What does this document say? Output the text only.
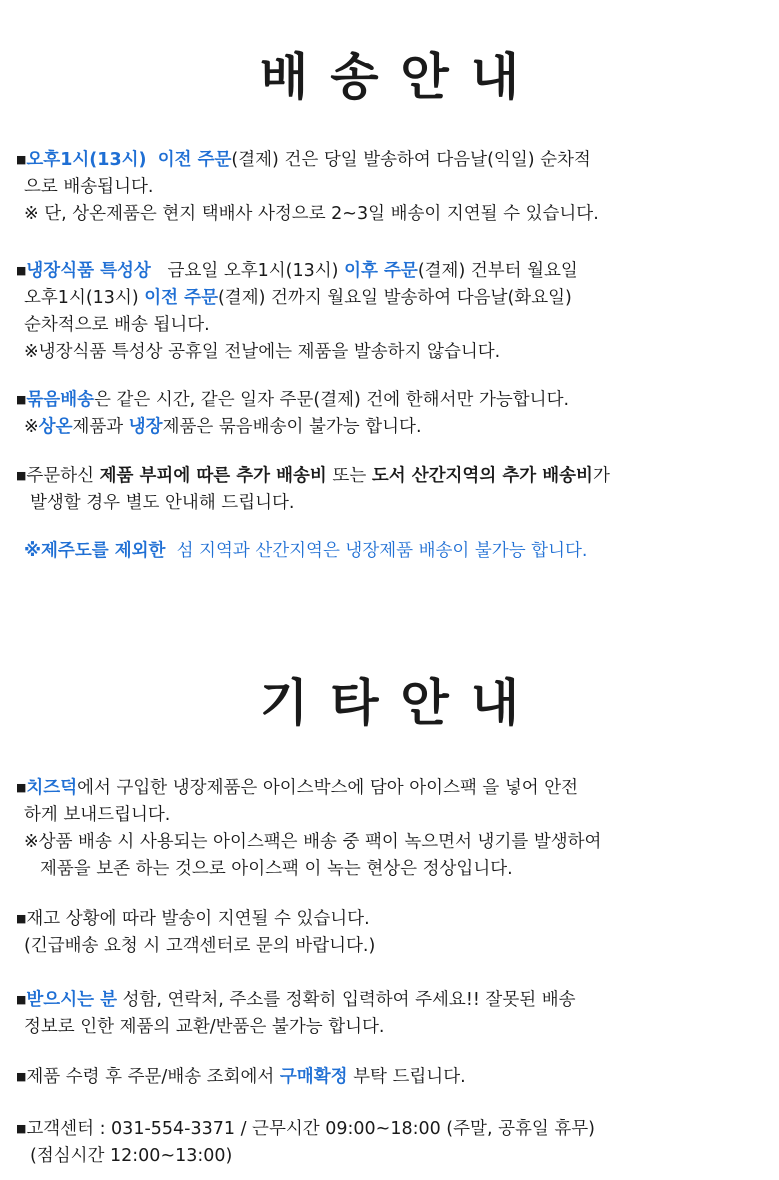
배송안내
■오후1시(13시) 이전 주문(결제) 건은 당일 발송하여 다음날(익일) 순차적
으로 배송됩니다.
※ 단, 상온제품은 현지 택배사 사정으로 2~3일 배송이 지연될 수 있습니다.
■냉장식품 특성상 금요일 오후1시(13시) 이후 주문(결제) 건부터 월요일
오후1시(13시) 이전 주문(결제) 건까지 월요일 발송하여 다음날(화요일)
순차적으로 배송 됩니다.
※냉장식품 특성상 공휴일 전날에는 제품을 발송하지 않습니다.
■묶음배송은 같은 시간, 같은 일자 주문(결제) 건에 한해서만 가능합니다.
※상온제품과 냉장제품은 묶음배송이 불가능 합니다.
■주문하신 제품 부피에 따른 추가 배송비 또는 도서 산간지역의 추가 배송비가
발생할 경우 별도 안내해 드립니다.
※제주도를 제외한 섬 지역과 산간지역은 냉장제품 배송이 불가능 합니다.
기타안내
■치즈덕에서 구입한 냉장제품은 아이스박스에 담아 아이스팩 을 넣어 안전
하게 보내드립니다.
※상품 배송 시 사용되는 아이스팩은 배송 중 팩이 녹으면서 냉기를 발생하여
제품을 보존 하는 것으로 아이스팩 이 녹는 현상은 정상입니다.
■재고 상황에 따라 발송이 지연될 수 있습니다.
(긴급배송 요청 시 고객센터로 문의 바랍니다.)
■받으시는 분 성함, 연락처, 주소를 정확히 입력하여 주세요!! 잘못된 배송
정보로 인한 제품의 교환/반품은 불가능 합니다.
■제품 수령 후 주문/배송 조회에서 구매확정 부탁 드립니다.
■고객센터 : 031-554-3371 / 근무시간 09:00~18:00 (주말, 공휴일 휴무)
(점심시간 12:00~13:00)
